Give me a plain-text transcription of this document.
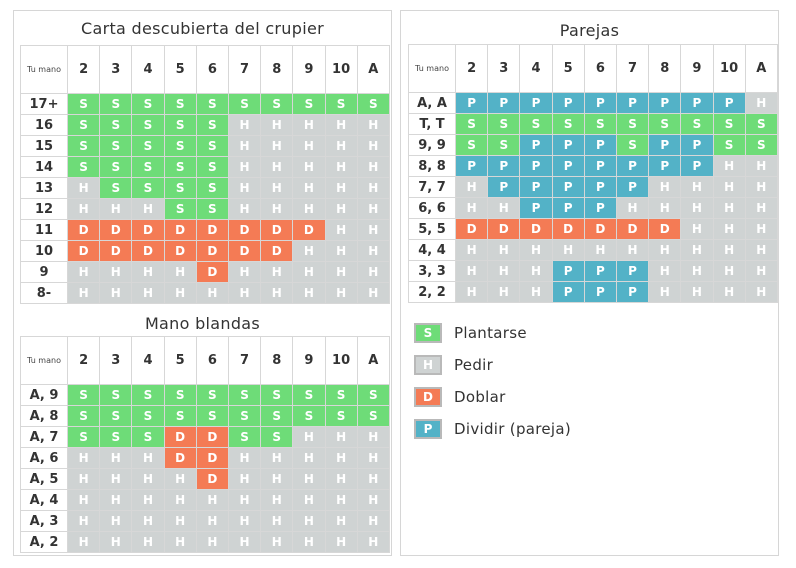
Carta descubierta del crupier
Mano blandas
Parejas
Tu mano	2	3	4	5	6	7	8	9	10	A
17+	S	S	S	S	S	S	S	S	S	S
16	S	S	S	S	S	H	H	H	H	H
15	S	S	S	S	S	H	H	H	H	H
14	S	S	S	S	S	H	H	H	H	H
13	H	S	S	S	S	H	H	H	H	H
12	H	H	H	S	S	H	H	H	H	H
11	D	D	D	D	D	D	D	D	H	H
10	D	D	D	D	D	D	D	H	H	H
9	H	H	H	H	D	H	H	H	H	H
8-	H	H	H	H	H	H	H	H	H	H
Tu mano	2	3	4	5	6	7	8	9	10	A
A, 9	S	S	S	S	S	S	S	S	S	S
A, 8	S	S	S	S	S	S	S	S	S	S
A, 7	S	S	S	D	D	S	S	H	H	H
A, 6	H	H	H	D	D	H	H	H	H	H
A, 5	H	H	H	H	D	H	H	H	H	H
A, 4	H	H	H	H	H	H	H	H	H	H
A, 3	H	H	H	H	H	H	H	H	H	H
A, 2	H	H	H	H	H	H	H	H	H	H
Tu mano	2	3	4	5	6	7	8	9	10	A
A, A	P	P	P	P	P	P	P	P	P	H
T, T	S	S	S	S	S	S	S	S	S	S
9, 9	S	S	P	P	P	S	P	P	S	S
8, 8	P	P	P	P	P	P	P	P	H	H
7, 7	H	P	P	P	P	P	H	H	H	H
6, 6	H	H	P	P	P	H	H	H	H	H
5, 5	D	D	D	D	D	D	D	H	H	H
4, 4	H	H	H	H	H	H	H	H	H	H
3, 3	H	H	H	P	P	P	H	H	H	H
2, 2	H	H	H	P	P	P	H	H	H	H
S	Plantarse
H	Pedir
D	Doblar
P	Dividir (pareja)
